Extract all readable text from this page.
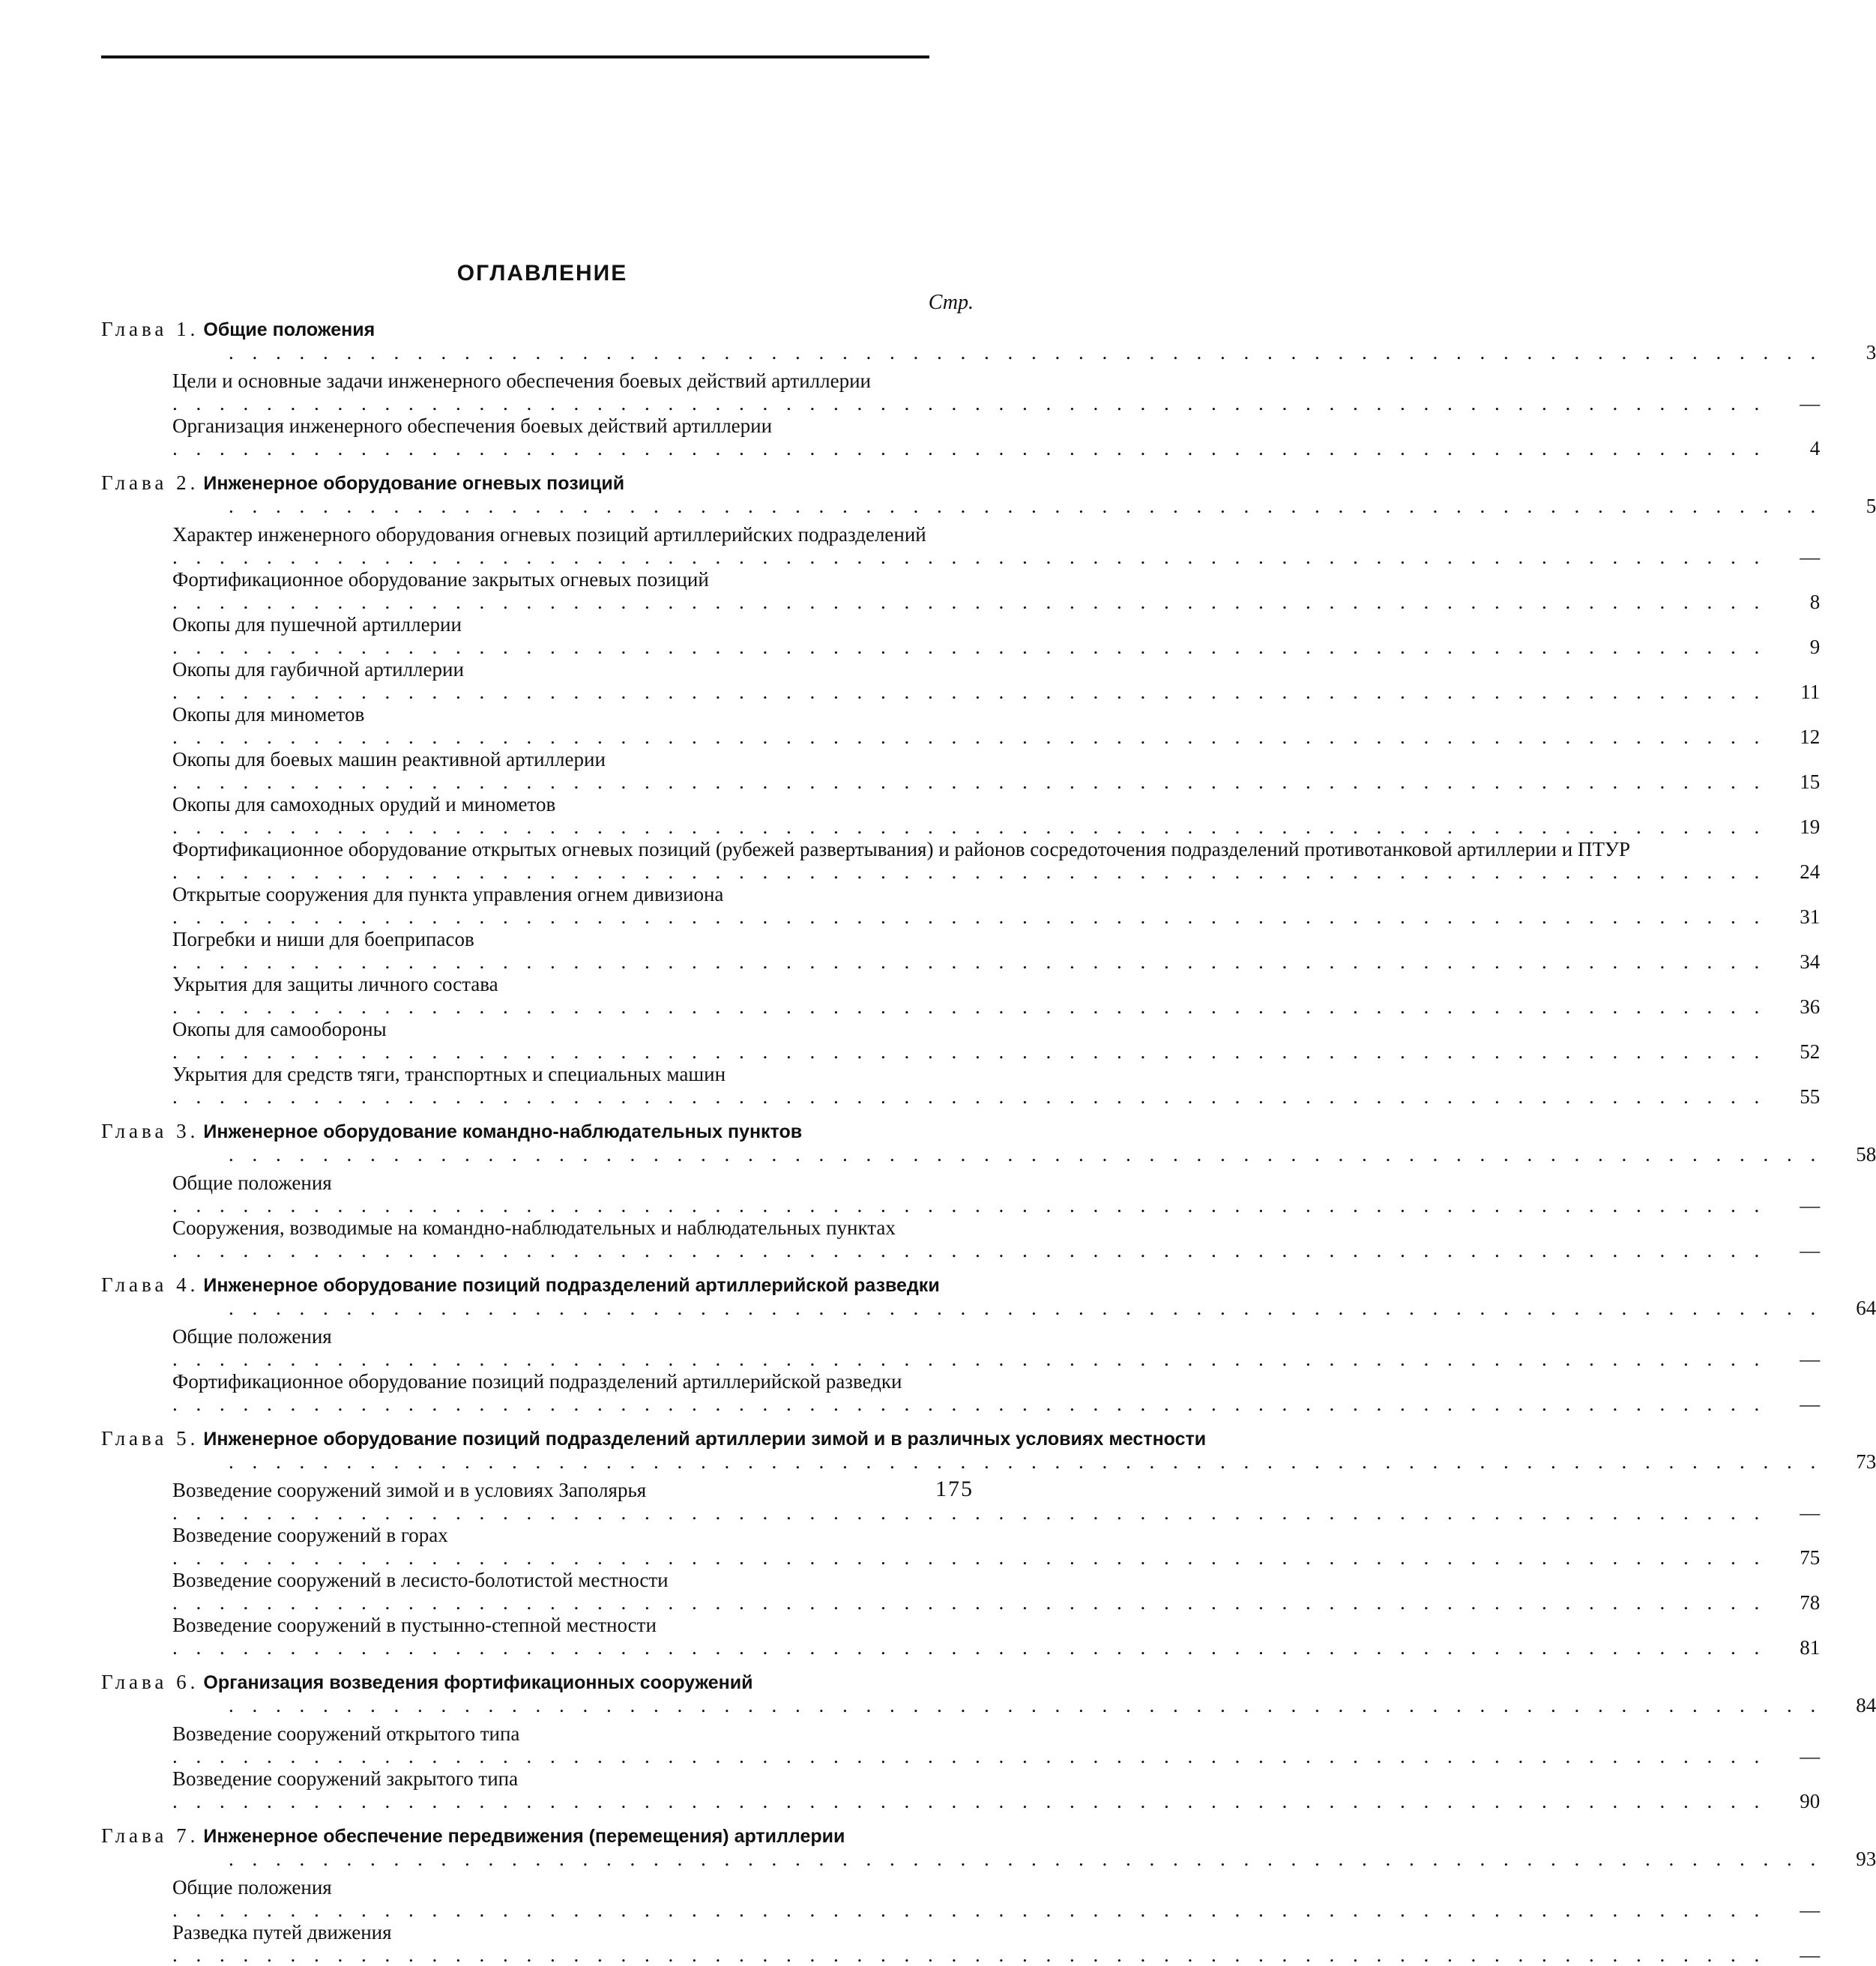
ОГЛАВЛЕНИЕ
Стр.
Глава 1. Общие положения . . . . . . . . . . . . . . . . . . . . . . . . . . . . . . . . . . . . . . . . . . . . . . . . . . . . . . . . . . . . . . . . . . . .	3
Цели и основные задачи инженерного обеспечения боевых действий артиллерии . . . . . . . . . . . . . . . . . . . . . . . . . . . . . . . . . . . . . . . . . . . . . . . . . . . . . . . . . . . . . . . . . . . .	—
Организация инженерного обеспечения боевых действий артиллерии . . . . . . . . . . . . . . . . . . . . . . . . . . . . . . . . . . . . . . . . . . . . . . . . . . . . . . . . . . . . . . . . . . . .	4
Глава 2. Инженерное оборудование огневых позиций . . . . . . . . . . . . . . . . . . . . . . . . . . . . . . . . . . . . . . . . . . . . . . . . . . . . . . . . . . . . . . . . . . . .	5
Характер инженерного оборудования огневых позиций артиллерийских подразделений . . . . . . . . . . . . . . . . . . . . . . . . . . . . . . . . . . . . . . . . . . . . . . . . . . . . . . . . . . . . . . . . . . . .	—
Фортификационное оборудование закрытых огневых позиций . . . . . . . . . . . . . . . . . . . . . . . . . . . . . . . . . . . . . . . . . . . . . . . . . . . . . . . . . . . . . . . . . . . .	8
Окопы для пушечной артиллерии . . . . . . . . . . . . . . . . . . . . . . . . . . . . . . . . . . . . . . . . . . . . . . . . . . . . . . . . . . . . . . . . . . . .	9
Окопы для гаубичной артиллерии . . . . . . . . . . . . . . . . . . . . . . . . . . . . . . . . . . . . . . . . . . . . . . . . . . . . . . . . . . . . . . . . . . . .	11
Окопы для минометов . . . . . . . . . . . . . . . . . . . . . . . . . . . . . . . . . . . . . . . . . . . . . . . . . . . . . . . . . . . . . . . . . . . .	12
Окопы для боевых машин реактивной артиллерии . . . . . . . . . . . . . . . . . . . . . . . . . . . . . . . . . . . . . . . . . . . . . . . . . . . . . . . . . . . . . . . . . . . .	15
Окопы для самоходных орудий и минометов . . . . . . . . . . . . . . . . . . . . . . . . . . . . . . . . . . . . . . . . . . . . . . . . . . . . . . . . . . . . . . . . . . . .	19
Фортификационное оборудование открытых огневых позиций (рубежей развертывания) и районов сосредоточения подразделений противотанковой артиллерии и ПТУР . . . . . . . . . . . . . . . . . . . . . . . . . . . . . . . . . . . . . . . . . . . . . . . . . . . . . . . . . . . . . . . . . . . .	24
Открытые сооружения для пункта управления огнем дивизиона . . . . . . . . . . . . . . . . . . . . . . . . . . . . . . . . . . . . . . . . . . . . . . . . . . . . . . . . . . . . . . . . . . . .	31
Погребки и ниши для боеприпасов . . . . . . . . . . . . . . . . . . . . . . . . . . . . . . . . . . . . . . . . . . . . . . . . . . . . . . . . . . . . . . . . . . . .	34
Укрытия для защиты личного состава . . . . . . . . . . . . . . . . . . . . . . . . . . . . . . . . . . . . . . . . . . . . . . . . . . . . . . . . . . . . . . . . . . . .	36
Окопы для самообороны . . . . . . . . . . . . . . . . . . . . . . . . . . . . . . . . . . . . . . . . . . . . . . . . . . . . . . . . . . . . . . . . . . . .	52
Укрытия для средств тяги, транспортных и специальных машин . . . . . . . . . . . . . . . . . . . . . . . . . . . . . . . . . . . . . . . . . . . . . . . . . . . . . . . . . . . . . . . . . . . .	55
Глава 3. Инженерное оборудование командно-наблюдательных пунктов . . . . . . . . . . . . . . . . . . . . . . . . . . . . . . . . . . . . . . . . . . . . . . . . . . . . . . . . . . . . . . . . . . . .	58
Общие положения . . . . . . . . . . . . . . . . . . . . . . . . . . . . . . . . . . . . . . . . . . . . . . . . . . . . . . . . . . . . . . . . . . . .	—
Сооружения, возводимые на командно-наблюдательных и наблюдательных пунктах . . . . . . . . . . . . . . . . . . . . . . . . . . . . . . . . . . . . . . . . . . . . . . . . . . . . . . . . . . . . . . . . . . . .	—
Глава 4. Инженерное оборудование позиций подразделений артиллерийской разведки . . . . . . . . . . . . . . . . . . . . . . . . . . . . . . . . . . . . . . . . . . . . . . . . . . . . . . . . . . . . . . . . . . . .	64
Общие положения . . . . . . . . . . . . . . . . . . . . . . . . . . . . . . . . . . . . . . . . . . . . . . . . . . . . . . . . . . . . . . . . . . . .	—
Фортификационное оборудование позиций подразделений артиллерийской разведки . . . . . . . . . . . . . . . . . . . . . . . . . . . . . . . . . . . . . . . . . . . . . . . . . . . . . . . . . . . . . . . . . . . .	—
Глава 5. Инженерное оборудование позиций подразделений артиллерии зимой и в различных условиях местности . . . . . . . . . . . . . . . . . . . . . . . . . . . . . . . . . . . . . . . . . . . . . . . . . . . . . . . . . . . . . . . . . . . .	73
Возведение сооружений зимой и в условиях Заполярья . . . . . . . . . . . . . . . . . . . . . . . . . . . . . . . . . . . . . . . . . . . . . . . . . . . . . . . . . . . . . . . . . . . .	—
Возведение сооружений в горах . . . . . . . . . . . . . . . . . . . . . . . . . . . . . . . . . . . . . . . . . . . . . . . . . . . . . . . . . . . . . . . . . . . .	75
Возведение сооружений в лесисто-болотистой местности . . . . . . . . . . . . . . . . . . . . . . . . . . . . . . . . . . . . . . . . . . . . . . . . . . . . . . . . . . . . . . . . . . . .	78
Возведение сооружений в пустынно-степной местности . . . . . . . . . . . . . . . . . . . . . . . . . . . . . . . . . . . . . . . . . . . . . . . . . . . . . . . . . . . . . . . . . . . .	81
Глава 6. Организация возведения фортификационных сооружений . . . . . . . . . . . . . . . . . . . . . . . . . . . . . . . . . . . . . . . . . . . . . . . . . . . . . . . . . . . . . . . . . . . .	84
Возведение сооружений открытого типа . . . . . . . . . . . . . . . . . . . . . . . . . . . . . . . . . . . . . . . . . . . . . . . . . . . . . . . . . . . . . . . . . . . .	—
Возведение сооружений закрытого типа . . . . . . . . . . . . . . . . . . . . . . . . . . . . . . . . . . . . . . . . . . . . . . . . . . . . . . . . . . . . . . . . . . . .	90
Глава 7. Инженерное обеспечение передвижения (перемещения) артиллерии . . . . . . . . . . . . . . . . . . . . . . . . . . . . . . . . . . . . . . . . . . . . . . . . . . . . . . . . . . . . . . . . . . . .	93
Общие положения . . . . . . . . . . . . . . . . . . . . . . . . . . . . . . . . . . . . . . . . . . . . . . . . . . . . . . . . . . . . . . . . . . . .	—
Разведка путей движения . . . . . . . . . . . . . . . . . . . . . . . . . . . . . . . . . . . . . . . . . . . . . . . . . . . . . . . . . . . . . . . . . . . .	—
175
